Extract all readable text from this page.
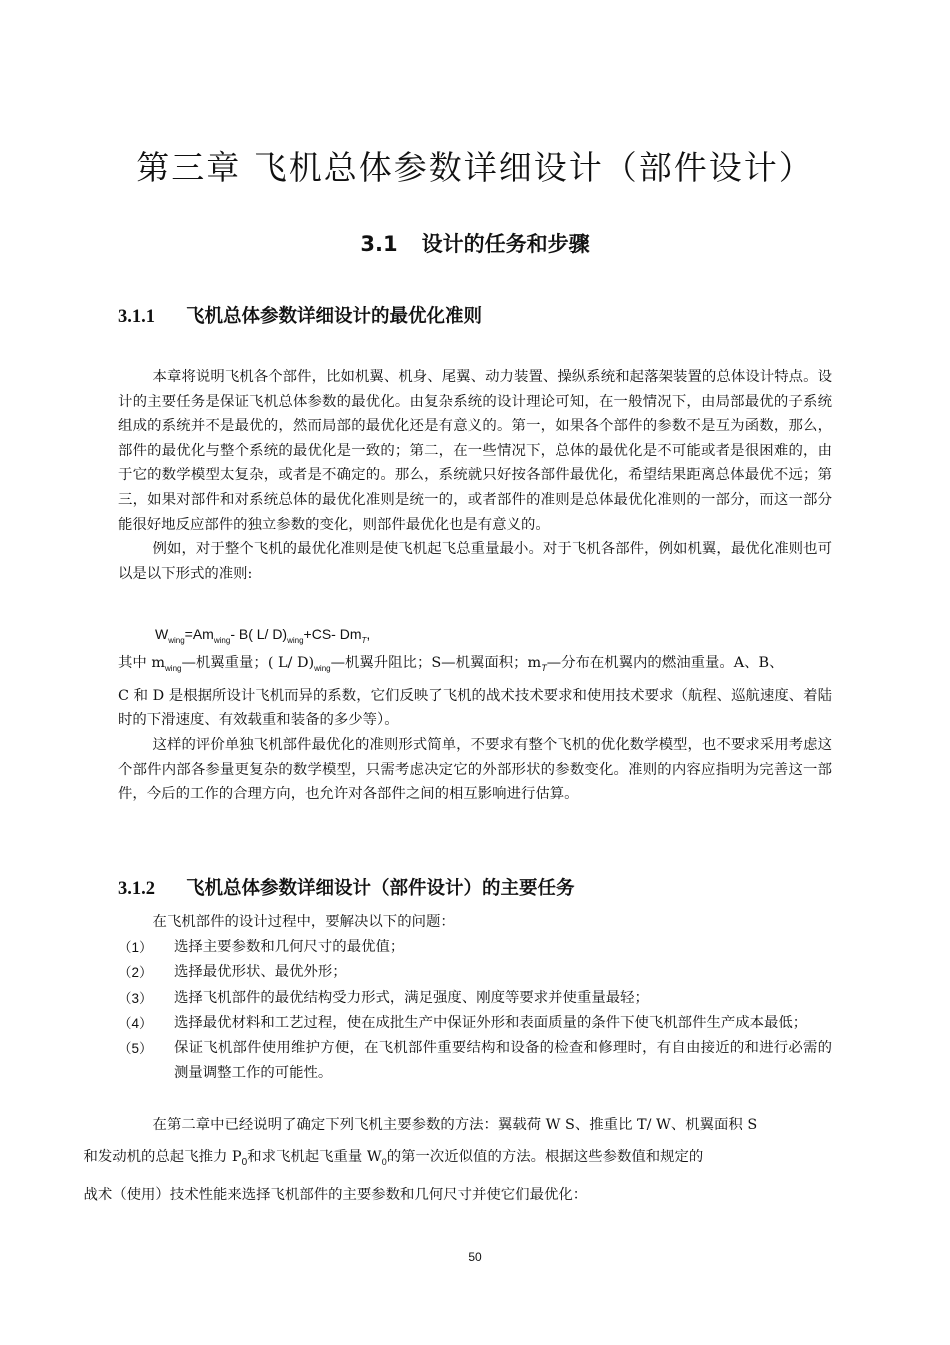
第三章 飞机总体参数详细设计（部件设计）
3.1 设计的任务和步骤
3.1.1 飞机总体参数详细设计的最优化准则

本章将说明飞机各个部件，比如机翼、机身、尾翼、动力装置、操纵系统和起落架装置的总体设计特点。设计的主要任务是保证飞机总体参数的最优化。由复杂系统的设计理论可知，在一般情况下，由局部最优的子系统组成的系统并不是最优的，然而局部的最优化还是有意义的。第一，如果各个部件的参数不是互为函数，那么，部件的最优化与整个系统的最优化是一致的；第二，在一些情况下，总体的最优化是不可能或者是很困难的，由于它的数学模型太复杂，或者是不确定的。那么，系统就只好按各部件最优化，希望结果距离总体最优不远；第三，如果对部件和对系统总体的最优化准则是统一的，或者部件的准则是总体最优化准则的一部分，而这一部分能很好地反应部件的独立参数的变化，则部件最优化也是有意义的。

例如，对于整个飞机的最优化准则是使飞机起飞总重量最小。对于飞机各部件，例如机翼，最优化准则也可以是以下形式的准则:

$W_{wing}=Am_{wing}-$ B( L/ $D)_{wing}+CS-$ $Dm_T$,

其中 $m_{wing}—$机翼重量；( L/ $D)_{wing}—$机翼升阻比；S—机翼面积；$m_T—$分布在机翼内的燃油重量。A、B、

C 和 D 是根据所设计飞机而异的系数，它们反映了飞机的战术技术要求和使用技术要求（航程、巡航速度、着陆时的下滑速度、有效载重和装备的多少等）。

这样的评价单独飞机部件最优化的准则形式简单，不要求有整个飞机的优化数学模型，也不要求采用考虑这个部件内部各参量更复杂的数学模型，只需考虑决定它的外部形状的参数变化。准则的内容应指明为完善这一部件，今后的工作的合理方向，也允许对各部件之间的相互影响进行估算。

3.1.2 飞机总体参数详细设计（部件设计）的主要任务

在飞机部件的设计过程中，要解决以下的问题：

（1）	选择主要参数和几何尺寸的最优值；
（2）	选择最优形状、最优外形；
（3）	选择飞机部件的最优结构受力形式，满足强度、刚度等要求并使重量最轻；
（4）	选择最优材料和工艺过程，使在成批生产中保证外形和表面质量的条件下使飞机部件生产成本最低；
（5）	保证飞机部件使用维护方便，在飞机部件重要结构和设备的检查和修理时，有自由接近的和进行必需的测量调整工作的可能性。

在第二章中已经说明了确定下列飞机主要参数的方法：翼载荷 W S、推重比 T/ W、机翼面积 S
和发动机的总起飞推力 $P_0$和求飞机起飞重量 $W_0$的第一次近似值的方法。根据这些参数值和规定的
战术（使用）技术性能来选择飞机部件的主要参数和几何尺寸并使它们最优化：

50
